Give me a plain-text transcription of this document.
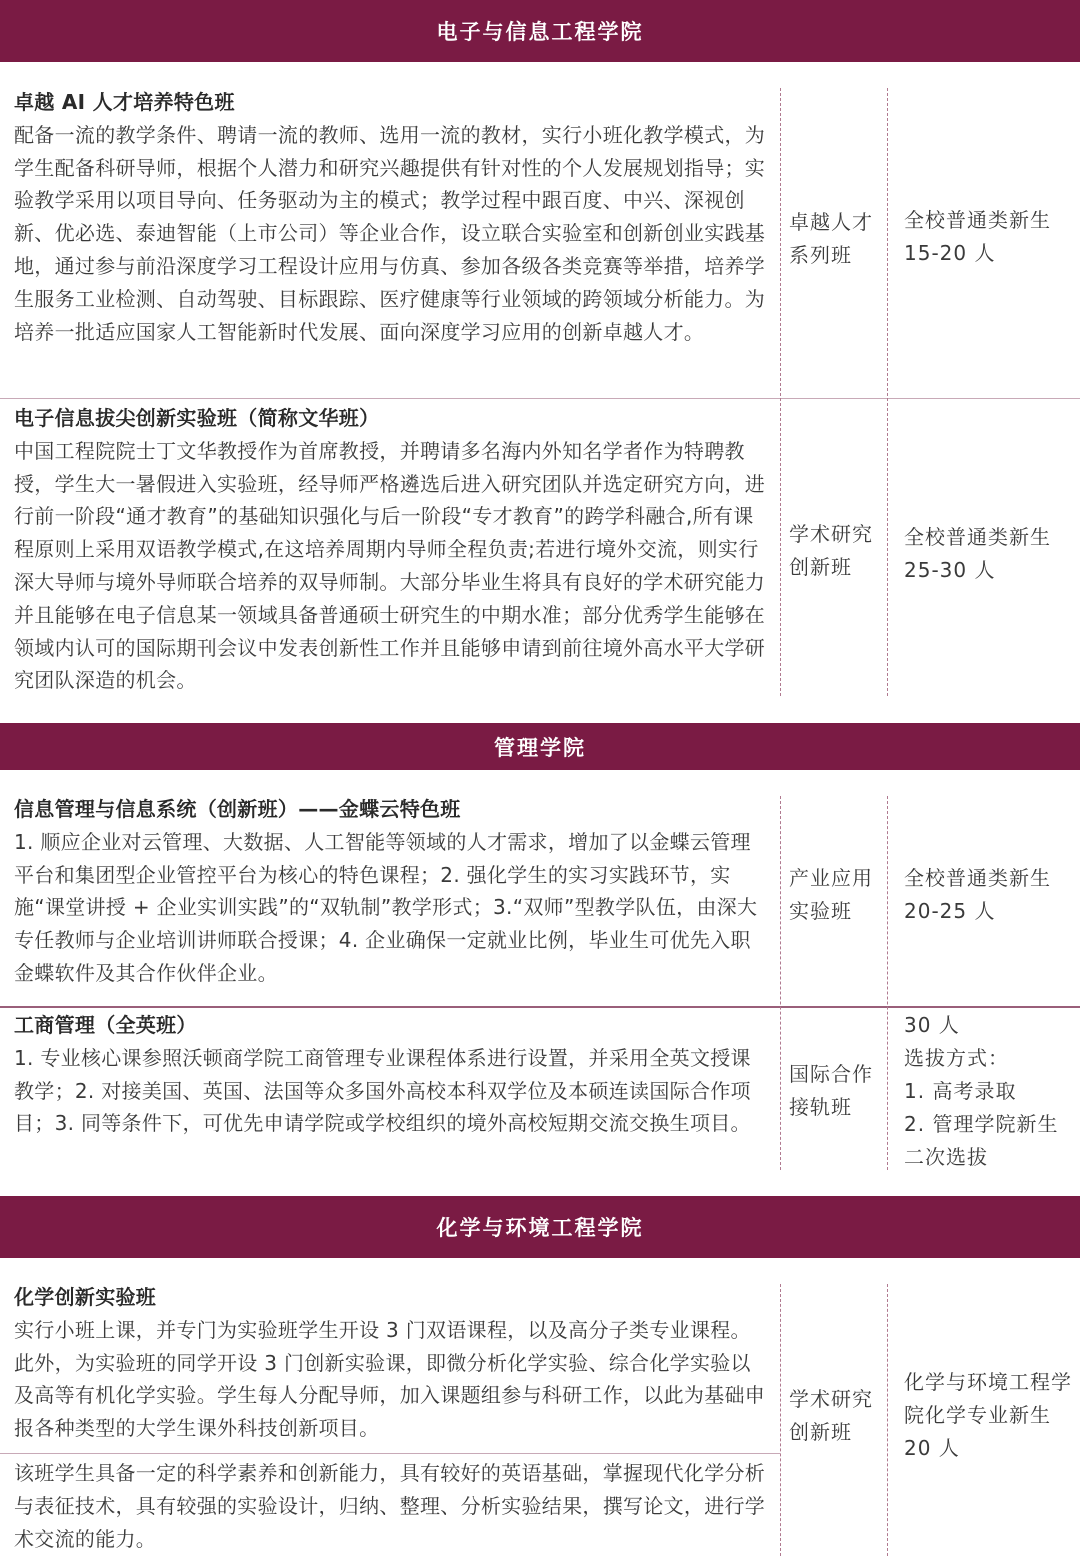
电子与信息工程学院
卓越 AI 人才培养特色班

配备一流的教学条件、聘请一流的教师、选用一流的教材，实行小班化教学模式，为学生配备科研导师，根据个人潜力和研究兴趣提供有针对性的个人发展规划指导；实验教学采用以项目导向、任务驱动为主的模式；教学过程中跟百度、中兴、深视创新、优必选、泰迪智能（上市公司）等企业合作，设立联合实验室和创新创业实践基地，通过参与前沿深度学习工程设计应用与仿真、参加各级各类竞赛等举措，培养学生服务工业检测、自动驾驶、目标跟踪、医疗健康等行业领域的跨领域分析能力。为培养一批适应国家人工智能新时代发展、面向深度学习应用的创新卓越人才。

卓越人才系列班
全校普通类新生
15-20 人
电子信息拔尖创新实验班（简称文华班）

中国工程院院士丁文华教授作为首席教授，并聘请多名海内外知名学者作为特聘教授，学生大一暑假进入实验班，经导师严格遴选后进入研究团队并选定研究方向，进行前一阶段“通才教育”的基础知识强化与后一阶段“专才教育”的跨学科融合,所有课程原则上采用双语教学模式,在这培养周期内导师全程负责;若进行境外交流，则实行深大导师与境外导师联合培养的双导师制。大部分毕业生将具有良好的学术研究能力并且能够在电子信息某一领域具备普通硕士研究生的中期水准；部分优秀学生能够在领域内认可的国际期刊会议中发表创新性工作并且能够申请到前往境外高水平大学研究团队深造的机会。

学术研究创新班
全校普通类新生
25-30 人
管理学院
信息管理与信息系统（创新班）——金蝶云特色班

1. 顺应企业对云管理、大数据、人工智能等领域的人才需求，增加了以金蝶云管理平台和集团型企业管控平台为核心的特色课程；2. 强化学生的实习实践环节，实施“课堂讲授 + 企业实训实践”的“双轨制”教学形式；3.“双师”型教学队伍，由深大专任教师与企业培训讲师联合授课；4. 企业确保一定就业比例，毕业生可优先入职金蝶软件及其合作伙伴企业。

产业应用实验班
全校普通类新生
20-25 人
工商管理（全英班）

1. 专业核心课参照沃顿商学院工商管理专业课程体系进行设置，并采用全英文授课教学；2. 对接美国、英国、法国等众多国外高校本科双学位及本硕连读国际合作项目；3. 同等条件下，可优先申请学院或学校组织的境外高校短期交流交换生项目。

国际合作接轨班
30 人
选拔方式：
1. 高考录取
2. 管理学院新生二次选拔
化学与环境工程学院
化学创新实验班

实行小班上课，并专门为实验班学生开设 3 门双语课程，以及高分子类专业课程。此外，为实验班的同学开设 3 门创新实验课，即微分析化学实验、综合化学实验以及高等有机化学实验。学生每人分配导师，加入课题组参与科研工作，以此为基础申报各种类型的大学生课外科技创新项目。

该班学生具备一定的科学素养和创新能力，具有较好的英语基础，掌握现代化学分析与表征技术，具有较强的实验设计，归纳、整理、分析实验结果，撰写论文，进行学术交流的能力。

学术研究创新班
化学与环境工程学院化学专业新生 20 人
